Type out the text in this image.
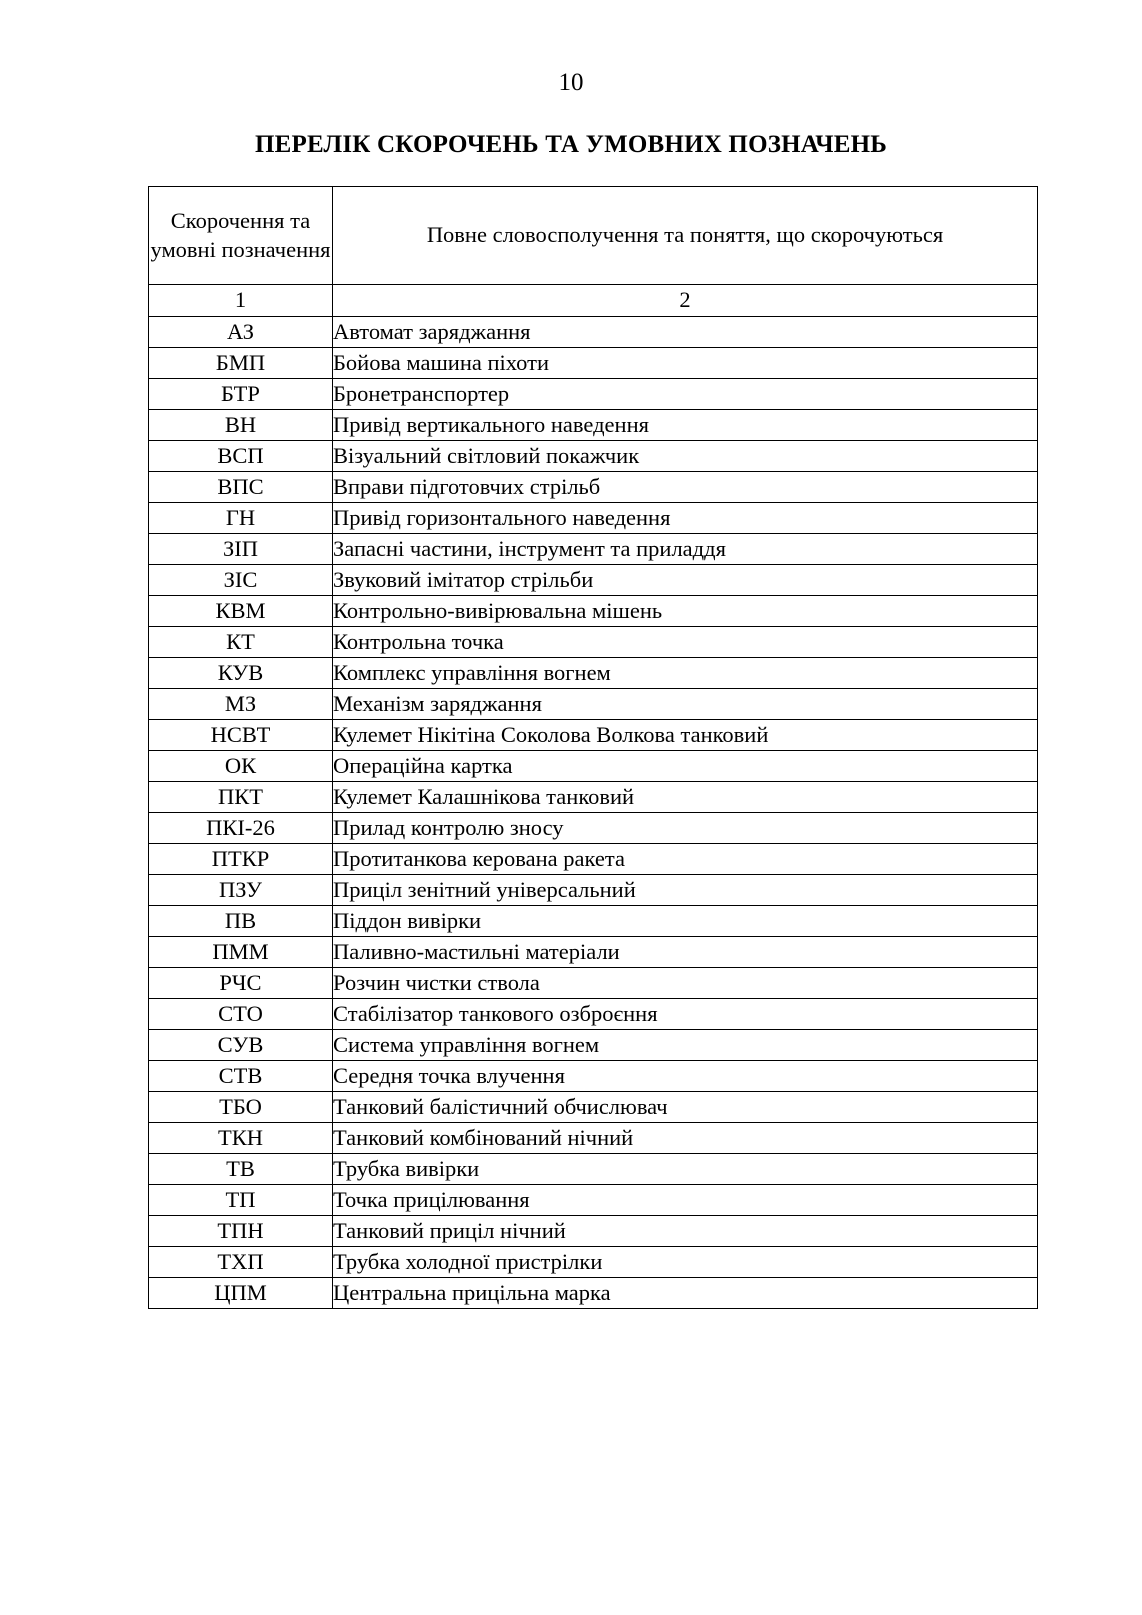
10
ПЕРЕЛІК СКОРОЧЕНЬ ТА УМОВНИХ ПОЗНАЧЕНЬ
Скорочення та умовні позначення	Повне словосполучення та поняття, що скорочуються
1	2
АЗ	Автомат заряджання
БМП	Бойова машина піхоти
БТР	Бронетранспортер
ВН	Привід вертикального наведення
ВСП	Візуальний світловий покажчик
ВПС	Вправи підготовчих стрільб
ГН	Привід горизонтального наведення
ЗІП	Запасні частини, інструмент та приладдя
ЗІС	Звуковий імітатор стрільби
КВМ	Контрольно-вивірювальна мішень
КТ	Контрольна точка
КУВ	Комплекс управління вогнем
МЗ	Механізм заряджання
НСВТ	Кулемет Нікітіна Соколова Волкова танковий
ОК	Операційна картка
ПКТ	Кулемет Калашнікова танковий
ПКІ-26	Прилад контролю зносу
ПТКР	Протитанкова керована ракета
ПЗУ	Приціл зенітний універсальний
ПВ	Піддон вивірки
ПММ	Паливно-мастильні матеріали
РЧС	Розчин чистки ствола
СТО	Стабілізатор танкового озброєння
СУВ	Система управління вогнем
СТВ	Середня точка влучення
ТБО	Танковий балістичний обчислювач
ТКН	Танковий комбінований нічний
ТВ	Трубка вивірки
ТП	Точка прицілювання
ТПН	Танковий приціл нічний
ТХП	Трубка холодної пристрілки
ЦПМ	Центральна прицільна марка
